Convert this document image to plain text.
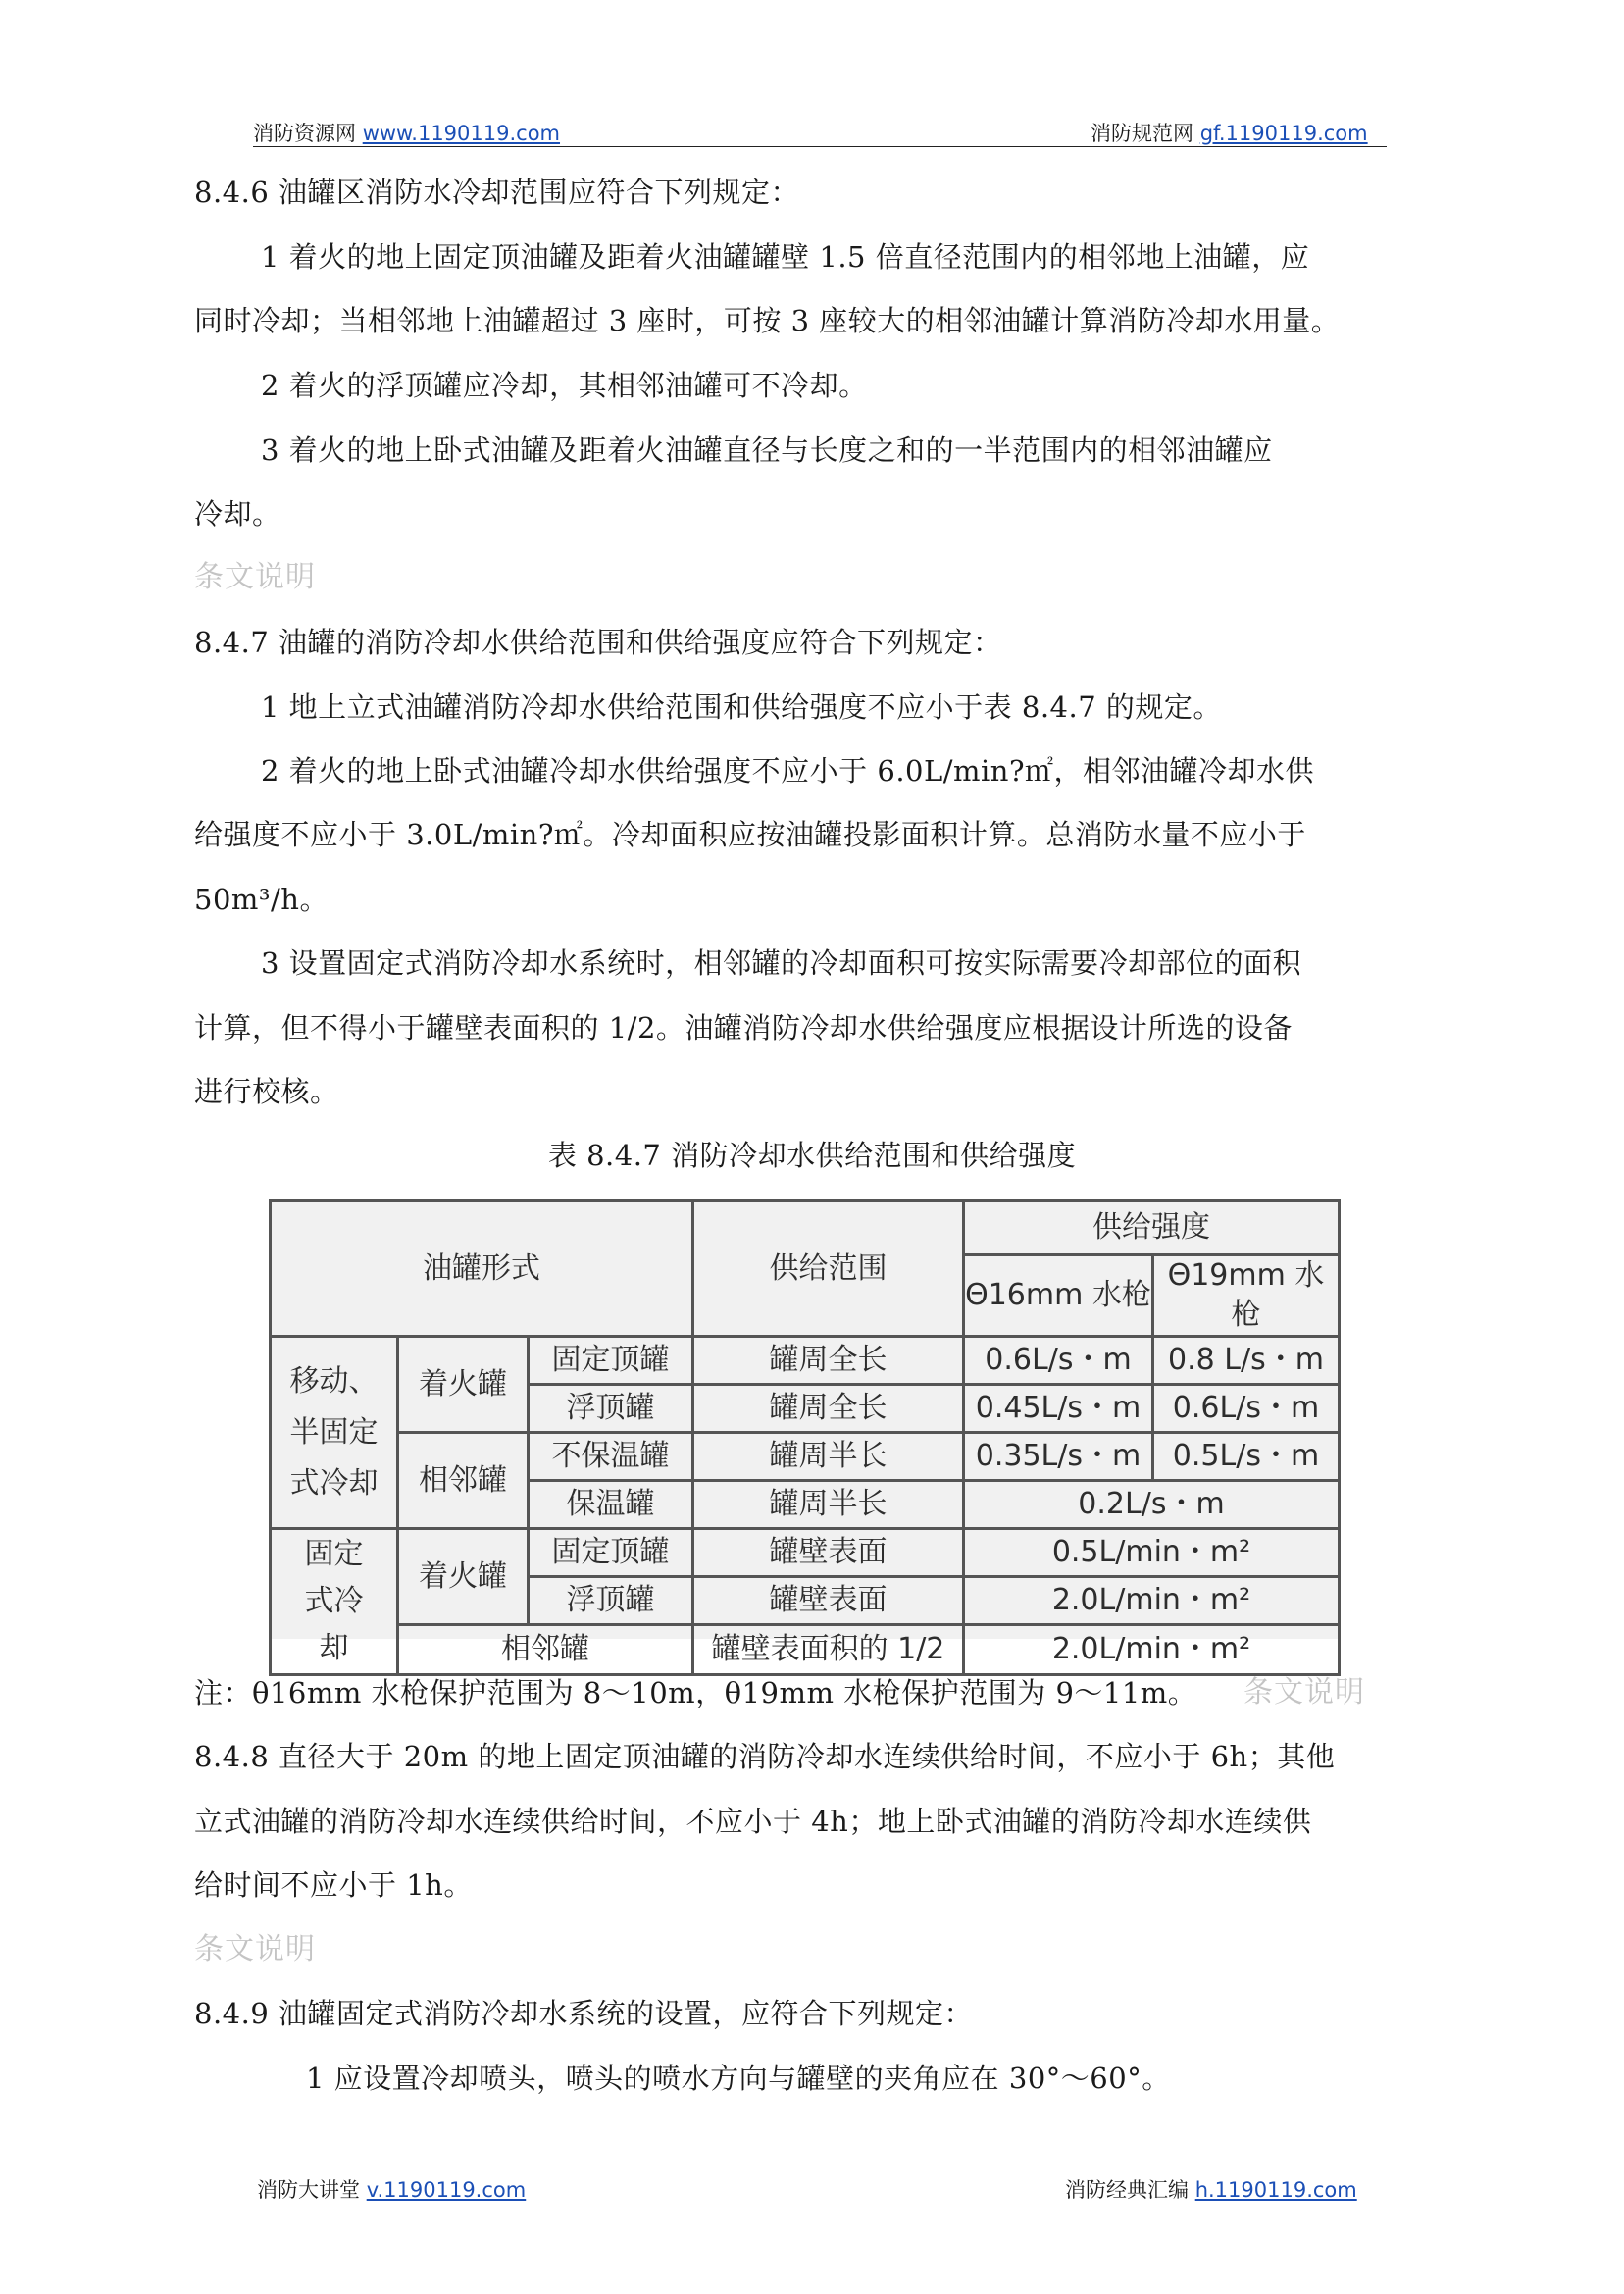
消防资源网 www.1190119.com	消防规范网 gf.1190119.com
8.4.6 油罐区消防水冷却范围应符合下列规定：
1 着火的地上固定顶油罐及距着火油罐罐壁 1.5 倍直径范围内的相邻地上油罐，应
同时冷却；当相邻地上油罐超过 3 座时，可按 3 座较大的相邻油罐计算消防冷却水用量。
2 着火的浮顶罐应冷却，其相邻油罐可不冷却。
3 着火的地上卧式油罐及距着火油罐直径与长度之和的一半范围内的相邻油罐应
冷却。
条文说明
8.4.7 油罐的消防冷却水供给范围和供给强度应符合下列规定：
1 地上立式油罐消防冷却水供给范围和供给强度不应小于表 8.4.7 的规定。
2 着火的地上卧式油罐冷却水供给强度不应小于 6.0L/min?㎡，相邻油罐冷却水供
给强度不应小于 3.0L/min?㎡。冷却面积应按油罐投影面积计算。总消防水量不应小于
50m³/h。
3 设置固定式消防冷却水系统时，相邻罐的冷却面积可按实际需要冷却部位的面积
计算，但不得小于罐壁表面积的 1/2。油罐消防冷却水供给强度应根据设计所选的设备
进行校核。
表 8.4.7 消防冷却水供给范围和供给强度
油罐形式			供给范围	供给强度	
				Θ16mm 水枪	Θ19mm 水枪

移动、半固定式冷却	着火罐	固定顶罐	罐周全长	0.6L/s・m	0.8 L/s・m
		浮顶罐	罐周全长	0.45L/s・m	0.6L/s・m
	相邻罐	不保温罐	罐周半长	0.35L/s・m	0.5L/s・m
		保温罐	罐周半长	0.2L/s・m	

固定式冷却	着火罐	固定顶罐	罐壁表面	0.5L/min・m²	
		浮顶罐	罐壁表面	2.0L/min・m²	
	相邻罐		罐壁表面积的 1/2	2.0L/min・m²	
注：θ16mm 水枪保护范围为 8～10m，θ19mm 水枪保护范围为 9～11m。 条文说明
8.4.8 直径大于 20m 的地上固定顶油罐的消防冷却水连续供给时间，不应小于 6h；其他
立式油罐的消防冷却水连续供给时间，不应小于 4h；地上卧式油罐的消防冷却水连续供
给时间不应小于 1h。
条文说明
8.4.9 油罐固定式消防冷却水系统的设置，应符合下列规定：
1 应设置冷却喷头，喷头的喷水方向与罐壁的夹角应在 30°～60°。
消防大讲堂 v.1190119.com	消防经典汇编 h.1190119.com
